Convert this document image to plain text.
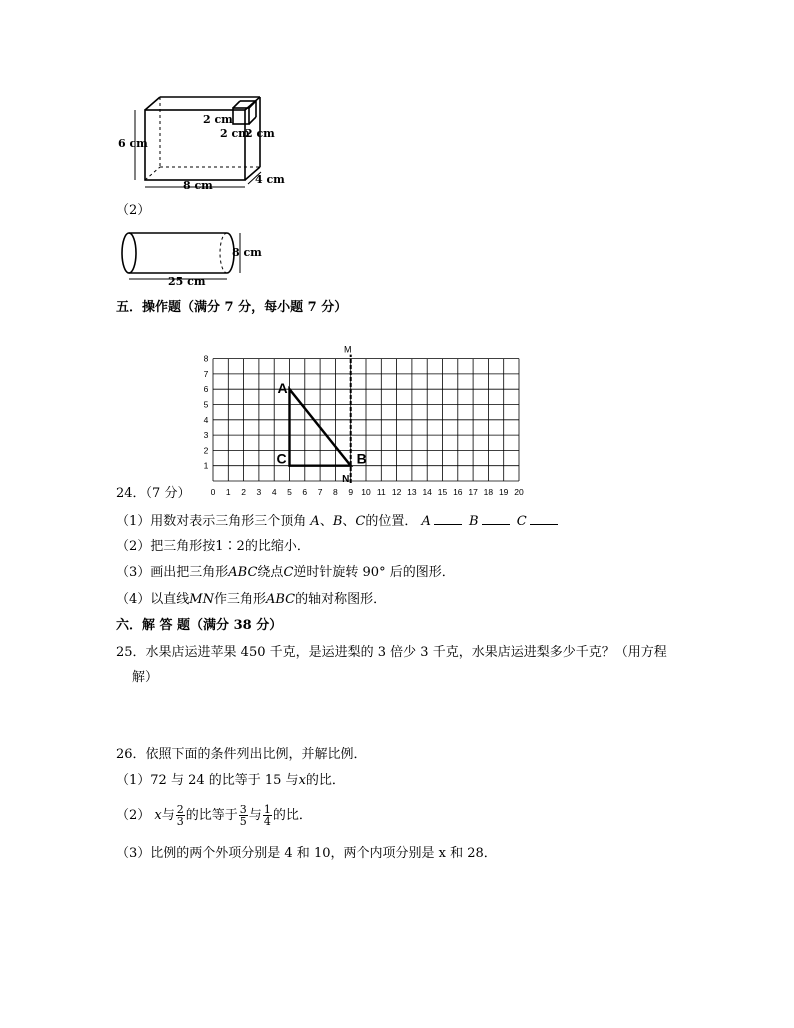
6 cm
8 cm	4 cm
2 cm
2 cm
2 cm
（2）
8 cm
25 cm
五．操作题（满分 7 分，每小题 7 分）
0 1 2 3 4 5 6 7 8 9 10 11 12 13 14 15 16 17 18 19 20
8
7
6
5
4
3
2
1
M
N
A
C	B
24．（7 分）
（1）用数对表示三角形三个顶角 A、B、C的位置． A	B	C
（2）把三角形按1∶2的比缩小．
（3）画出把三角形ABC绕点C逆时针旋转 90° 后的图形．
（4）以直线MN作三角形ABC的轴对称图形．
六．解 答 题（满分 38 分）
25．水果店运进苹果 450 千克，是运进梨的 3 倍少 3 千克，水果店运进梨多少千克？（用方程
解）
26．依照下面的条件列出比例，并解比例．
（1）72 与 24 的比等于 15 与x的比．
（2） x与 $\frac{2}{3}$ 的比等于 $\frac{3}{5}$ 与 $\frac{1}{4}$ 的比．
（3）比例的两个外项分别是 4 和 10，两个内项分别是 x 和 28．
